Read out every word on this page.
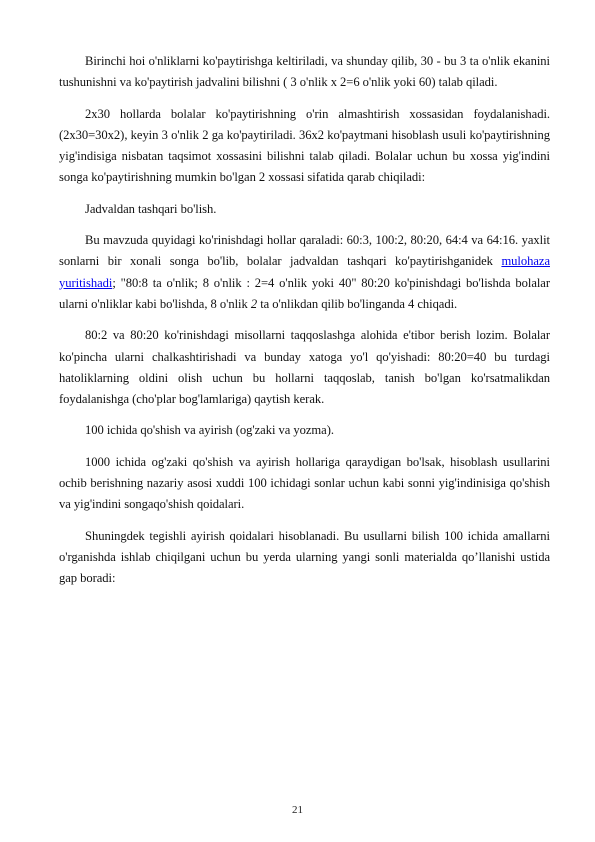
Birinchi hoi o'nliklarni ko'paytirishga keltiriladi, va shunday qilib, 30 - bu 3 ta o'nlik ekanini tushunishni va ko'paytirish jadvalini bilishni ( 3 o'nlik x 2=6 o'nlik yoki 60) talab qiladi.

2x30 hollarda bolalar ko'paytirishning o'rin almashtirish xossasidan foydalanishadi. (2x30=30x2), keyin 3 o'nlik 2 ga ko'paytiriladi. 36x2 ko'paytmani hisoblash usuli ko'paytirishning yig'indisiga nisbatan taqsimot xossasini bilishni talab qiladi. Bolalar uchun bu xossa yig'indini songa ko'paytirishning mumkin bo'lgan 2 xossasi sifatida qarab chiqiladi:

Jadvaldan tashqari bo'lish.

Bu mavzuda quyidagi ko'rinishdagi hollar qaraladi: 60:3, 100:2, 80:20, 64:4 va 64:16. yaxlit sonlarni bir xonali songa bo'lib, bolalar jadvaldan tashqari ko'paytirishganidek mulohaza yuritishadi; "80:8 ta o'nlik; 8 o'nlik : 2=4 o'nlik yoki 40" 80:20 ko'pinishdagi bo'lishda bolalar ularni o'nliklar kabi bo'lishda, 8 o'nlik 2 ta o'nlikdan qilib bo'linganda 4 chiqadi.

80:2 va 80:20 ko'rinishdagi misollarni taqqoslashga alohida e'tibor berish lozim. Bolalar ko'pincha ularni chalkashtirishadi va bunday xatoga yo'l qo'yishadi: 80:20=40 bu turdagi hatoliklarning oldini olish uchun bu hollarni taqqoslab, tanish bo'lgan ko'rsatmalikdan foydalanishga (cho'plar bog'lamlariga) qaytish kerak.

100 ichida qo'shish va ayirish (og'zaki va yozma).

1000 ichida og'zaki qo'shish va ayirish hollariga qaraydigan bo'lsak, hisoblash usullarini ochib berishning nazariy asosi xuddi 100 ichidagi sonlar uchun kabi sonni yig'indinisiga qo'shish va yig'indini songaqo'shish qoidalari.

Shuningdek tegishli ayirish qoidalari hisoblanadi. Bu usullarni bilish 100 ichida amallarni o'rganishda ishlab chiqilgani uchun bu yerda ularning yangi sonli materialda qo’llanishi ustida gap boradi:

21
